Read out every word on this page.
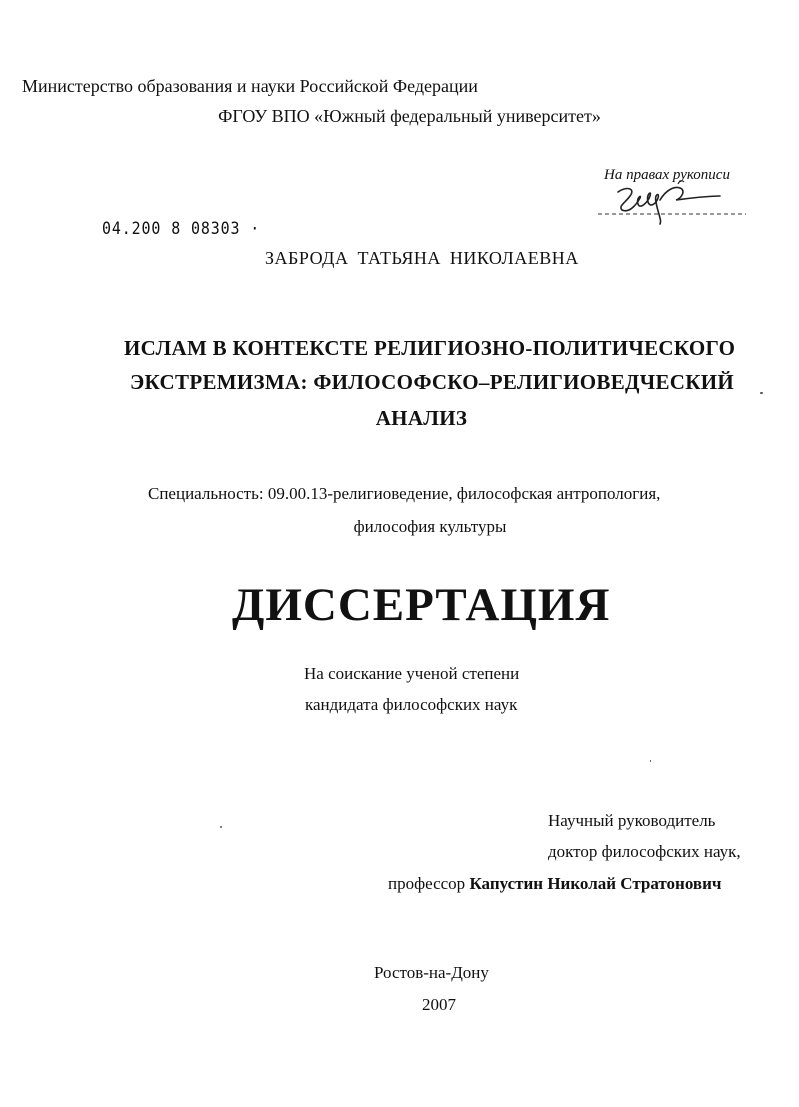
Министерство образования и науки Российской Федерации
ФГОУ ВПО «Южный федеральный университет»
На правах рукописи
04.200 8 08303 ·
ЗАБРОДА ТАТЬЯНА НИКОЛАЕВНА
ИСЛАМ В КОНТЕКСТЕ РЕЛИГИОЗНО-ПОЛИТИЧЕСКОГО
ЭКСТРЕМИЗМА: ФИЛОСОФСКО–РЕЛИГИОВЕДЧЕСКИЙ
АНАЛИЗ
Специальность: 09.00.13-религиоведение, философская антропология,
философия культуры
ДИССЕРТАЦИЯ
На соискание ученой степени
кандидата философских наук
Научный руководитель
доктор философских наук,
профессор Капустин Николай Стратонович
Ростов-на-Дону
2007
